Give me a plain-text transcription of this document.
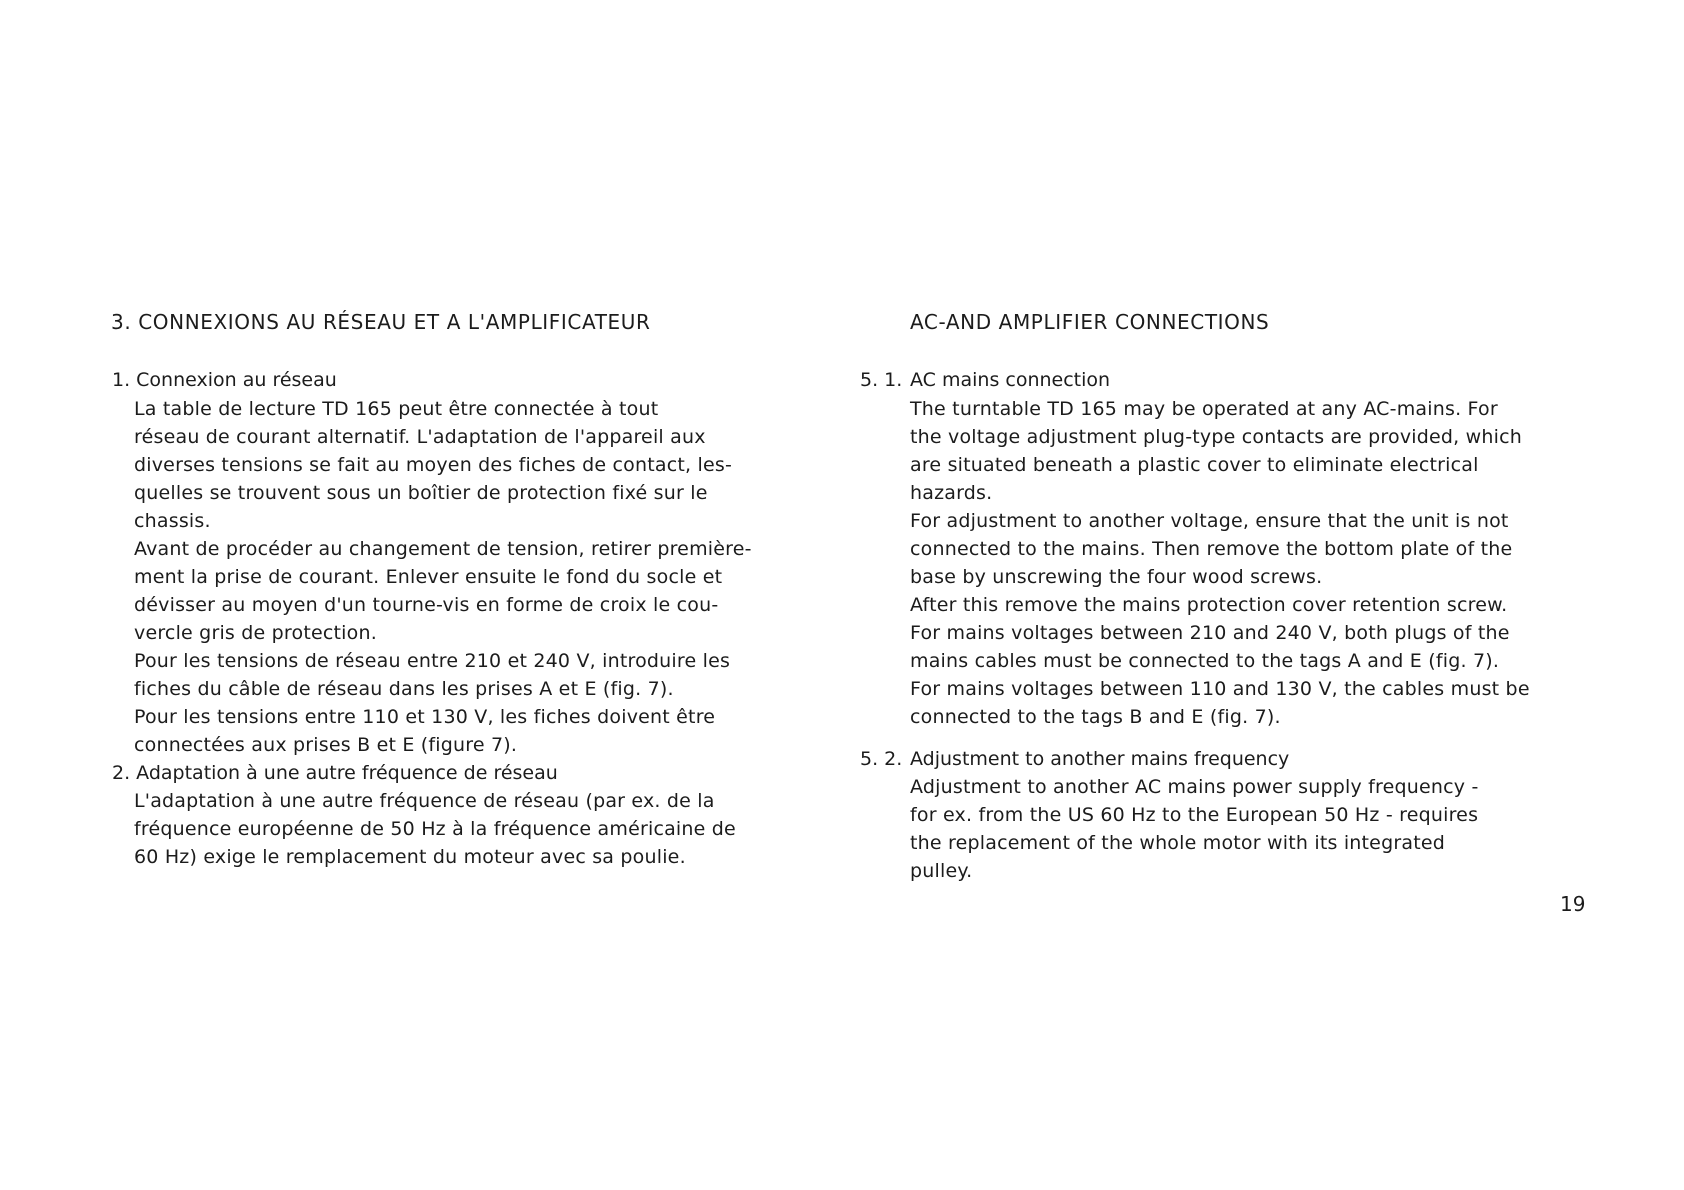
3. CONNEXIONS AU RÉSEAU ET A L'AMPLIFICATEUR
1. Connexion au réseau
La table de lecture TD 165 peut être connectée à tout
réseau de courant alternatif. L'adaptation de l'appareil aux
diverses tensions se fait au moyen des fiches de contact, les-
quelles se trouvent sous un boîtier de protection fixé sur le
chassis.
Avant de procéder au changement de tension, retirer première-
ment la prise de courant. Enlever ensuite le fond du socle et
dévisser au moyen d'un tourne-vis en forme de croix le cou-
vercle gris de protection.
Pour les tensions de réseau entre 210 et 240 V, introduire les
fiches du câble de réseau dans les prises A et E (fig. 7).
Pour les tensions entre 110 et 130 V, les fiches doivent être
connectées aux prises B et E (figure 7).
2. Adaptation à une autre fréquence de réseau
L'adaptation à une autre fréquence de réseau (par ex. de la
fréquence européenne de 50 Hz à la fréquence américaine de
60 Hz) exige le remplacement du moteur avec sa poulie.
AC-AND AMPLIFIER CONNECTIONS
5. 1. AC mains connection
The turntable TD 165 may be operated at any AC-mains. For
the voltage adjustment plug-type contacts are provided, which
are situated beneath a plastic cover to eliminate electrical
hazards.
For adjustment to another voltage, ensure that the unit is not
connected to the mains. Then remove the bottom plate of the
base by unscrewing the four wood screws.
After this remove the mains protection cover retention screw.
For mains voltages between 210 and 240 V, both plugs of the
mains cables must be connected to the tags A and E (fig. 7).
For mains voltages between 110 and 130 V, the cables must be
connected to the tags B and E (fig. 7).
5. 2. Adjustment to another mains frequency
Adjustment to another AC mains power supply frequency -
for ex. from the US 60 Hz to the European 50 Hz - requires
the replacement of the whole motor with its integrated
pulley.
19
